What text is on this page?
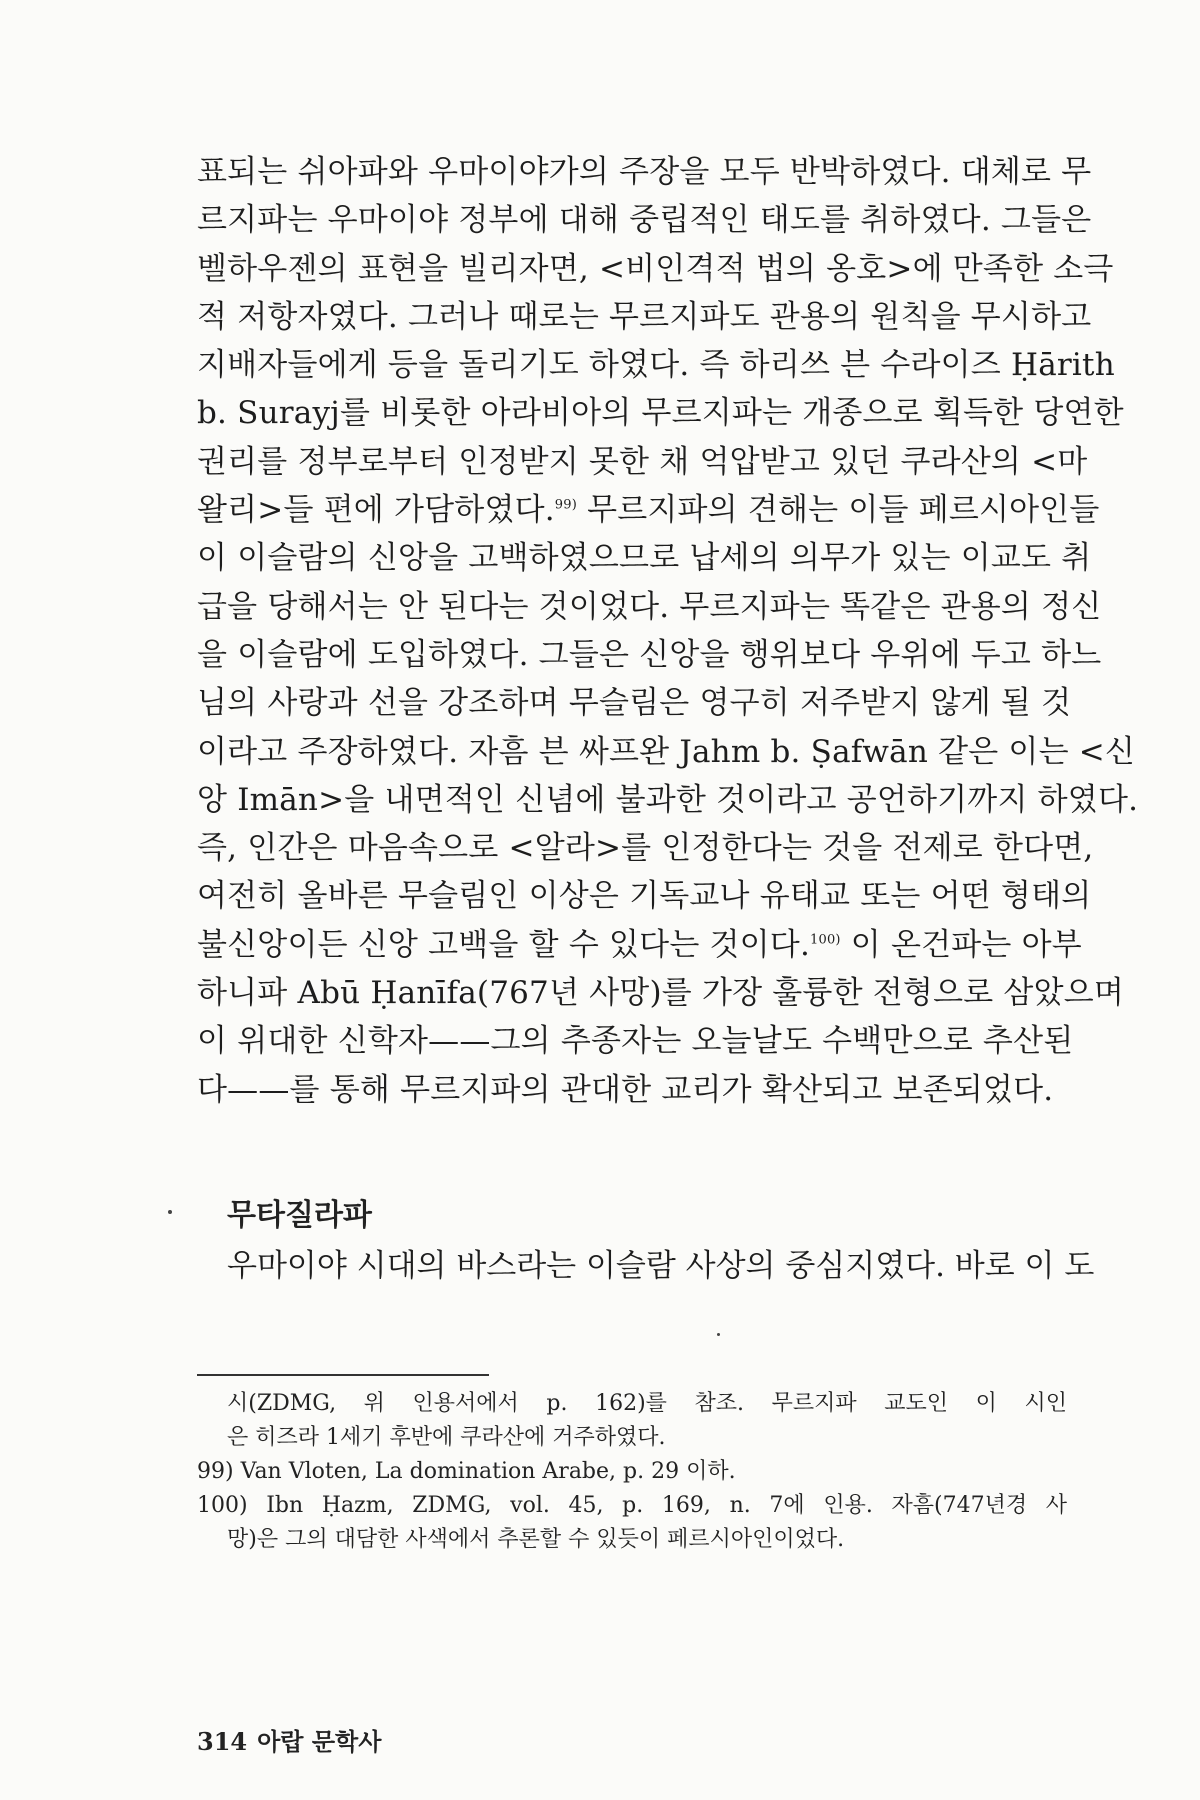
표되는 쉬아파와 우마이야가의 주장을 모두 반박하였다. 대체로 무
르지파는 우마이야 정부에 대해 중립적인 태도를 취하였다. 그들은
벨하우젠의 표현을 빌리자면, <비인격적 법의 옹호>에 만족한 소극
적 저항자였다. 그러나 때로는 무르지파도 관용의 원칙을 무시하고
지배자들에게 등을 돌리기도 하였다. 즉 하리쓰 븐 수라이즈 Ḥārith
b. Surayj를 비롯한 아라비아의 무르지파는 개종으로 획득한 당연한
권리를 정부로부터 인정받지 못한 채 억압받고 있던 쿠라산의 <마
왈리>들 편에 가담하였다.$^{99)}$ 무르지파의 견해는 이들 페르시아인들
이 이슬람의 신앙을 고백하였으므로 납세의 의무가 있는 이교도 취
급을 당해서는 안 된다는 것이었다. 무르지파는 똑같은 관용의 정신
을 이슬람에 도입하였다. 그들은 신앙을 행위보다 우위에 두고 하느
님의 사랑과 선을 강조하며 무슬림은 영구히 저주받지 않게 될 것
이라고 주장하였다. 자흠 븐 싸프완 Jahm b. Ṣafwān 같은 이는 <신
앙 Imān>을 내면적인 신념에 불과한 것이라고 공언하기까지 하였다.
즉, 인간은 마음속으로 <알라>를 인정한다는 것을 전제로 한다면,
여전히 올바른 무슬림인 이상은 기독교나 유태교 또는 어떤 형태의
불신앙이든 신앙 고백을 할 수 있다는 것이다.$^{100)}$ 이 온건파는 아부
하니파 Abū Ḥanīfa(767년 사망)를 가장 훌륭한 전형으로 삼았으며
이 위대한 신학자——그의 추종자는 오늘날도 수백만으로 추산된
다——를 통해 무르지파의 관대한 교리가 확산되고 보존되었다.
무타질라파
우마이야 시대의 바스라는 이슬람 사상의 중심지였다. 바로 이 도
시(ZDMG, 위 인용서에서 p. 162)를 참조. 무르지파 교도인 이 시인
은 히즈라 1세기 후반에 쿠라산에 거주하였다.
99) Van Vloten, La domination Arabe, p. 29 이하.
100) Ibn Ḥazm, ZDMG, vol. 45, p. 169, n. 7에 인용. 자흠(747년경 사
망)은 그의 대담한 사색에서 추론할 수 있듯이 페르시아인이었다.
314 아랍 문학사
